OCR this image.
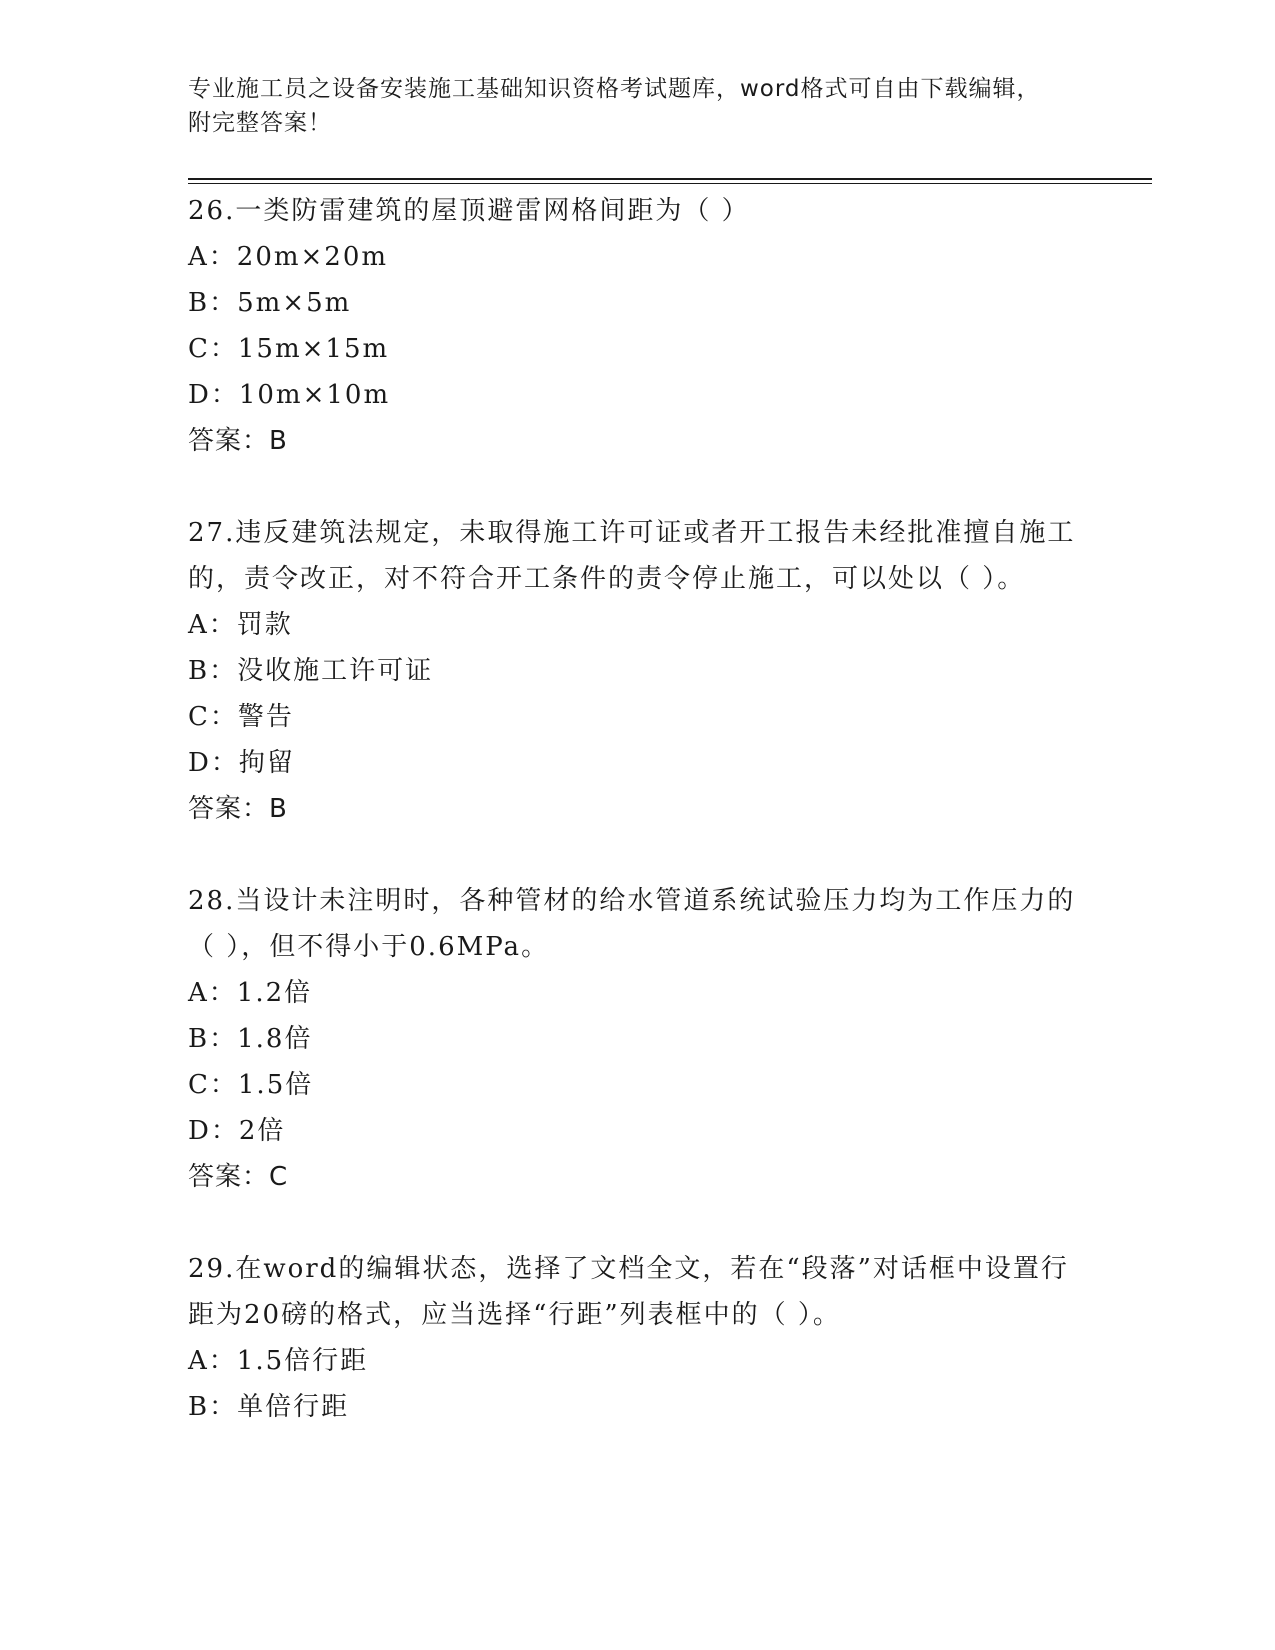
专业施工员之设备安装施工基础知识资格考试题库，word格式可自由下载编辑，
附完整答案！

26.一类防雷建筑的屋顶避雷网格间距为（ ）

A：20m×20m

B：5m×5m

C：15m×15m

D：10m×10m

答案：B

27.违反建筑法规定，未取得施工许可证或者开工报告未经批准擅自施工的，责令改正，对不符合开工条件的责令停止施工，可以处以（ ）。

A：罚款

B：没收施工许可证

C：警告

D：拘留

答案：B

28.当设计未注明时，各种管材的给水管道系统试验压力均为工作压力的（ ），但不得小于0.6MPa。

A：1.2倍

B：1.8倍

C：1.5倍

D：2倍

答案：C

29.在word的编辑状态，选择了文档全文，若在“段落”对话框中设置行距为20磅的格式，应当选择“行距”列表框中的（ ）。

A：1.5倍行距

B：单倍行距
